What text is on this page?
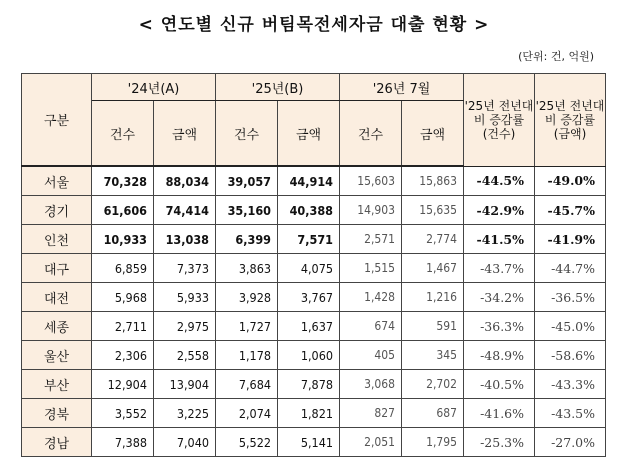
< 연도별 신규 버팀목전세자금 대출 현황 >
(단위: 건, 억원)
구분	'24년(A)		'25년(B)		'26년 7월		'25년 전년대비 증감률 (건수)	'25년 전년대비 증감률 (금액)
	건수	금액	건수	금액	건수	금액		
서울	70,328	88,034	39,057	44,914	15,603	15,863	-44.5%	-49.0%
경기	61,606	74,414	35,160	40,388	14,903	15,635	-42.9%	-45.7%
인천	10,933	13,038	6,399	7,571	2,571	2,774	-41.5%	-41.9%
대구	6,859	7,373	3,863	4,075	1,515	1,467	-43.7%	-44.7%
대전	5,968	5,933	3,928	3,767	1,428	1,216	-34.2%	-36.5%
세종	2,711	2,975	1,727	1,637	674	591	-36.3%	-45.0%
울산	2,306	2,558	1,178	1,060	405	345	-48.9%	-58.6%
부산	12,904	13,904	7,684	7,878	3,068	2,702	-40.5%	-43.3%
경북	3,552	3,225	2,074	1,821	827	687	-41.6%	-43.5%
경남	7,388	7,040	5,522	5,141	2,051	1,795	-25.3%	-27.0%
